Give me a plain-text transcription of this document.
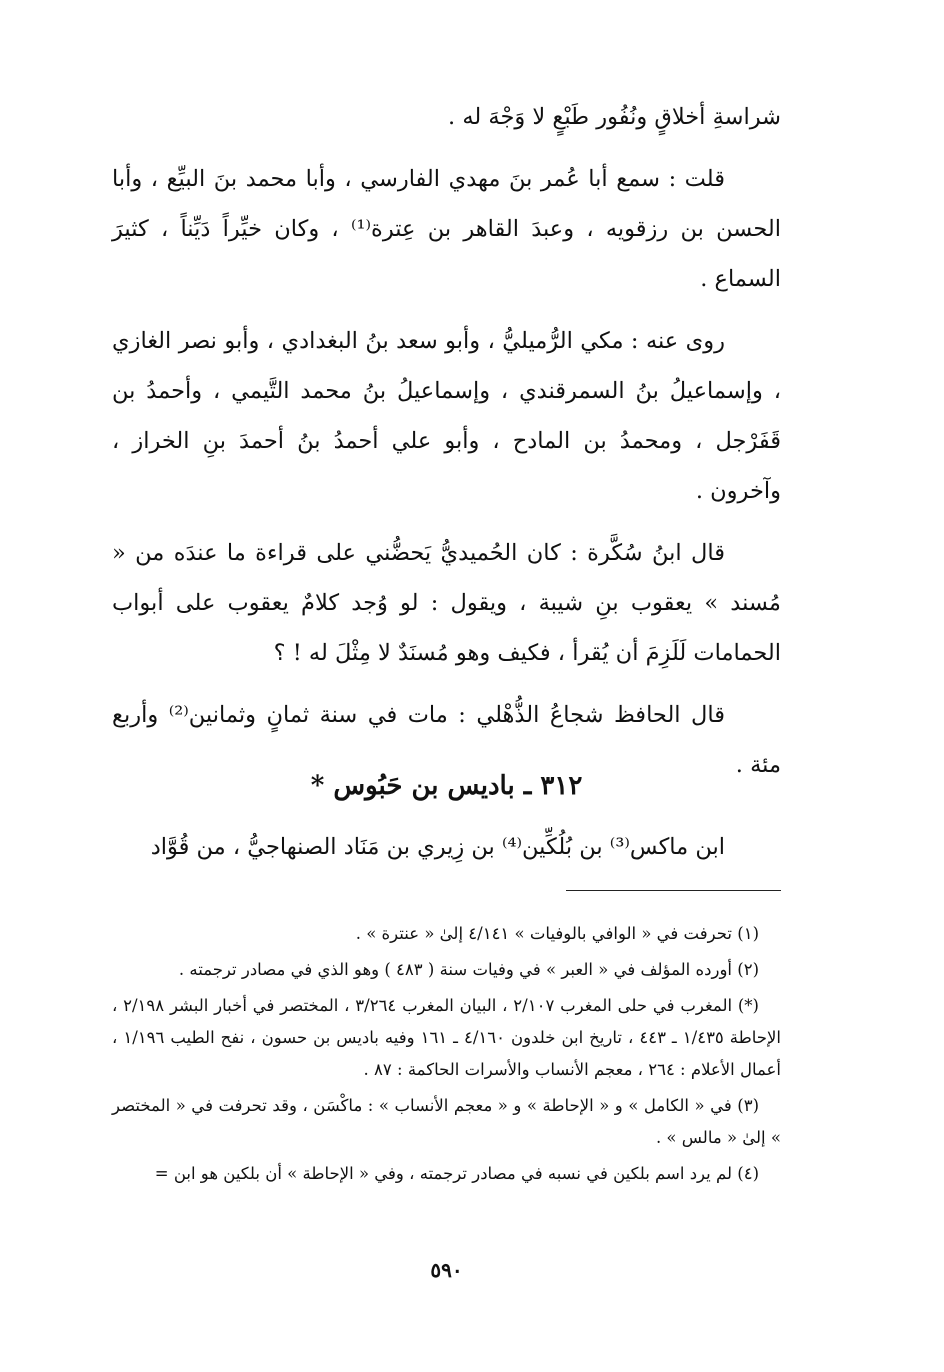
شراسةِ أخلاقٍ ونُفُور طَبْعٍ لا وَجْهَ له .

قلت : سمع أبا عُمر بنَ مهدي الفارسي ، وأبا محمد بنَ البيِّع ، وأبا الحسن بن رزقويه ، وعبدَ القاهر بن عِترة⁽¹⁾ ، وكان خيِّراً دَيِّناً ، كثيرَ السماع .

روى عنه : مكي الرُّميليُّ ، وأبو سعد بنُ البغدادي ، وأبو نصر الغازي ، وإسماعيلُ بنُ السمرقندي ، وإسماعيلُ بنُ محمد التَّيمي ، وأحمدُ بن قَفَرْجل ، ومحمدُ بن المادح ، وأبو علي أحمدُ بنُ أحمدَ بنِ الخراز ، وآخرون .

قال ابنُ سُكَّرة : كان الحُميديُّ يَحضُّني على قراءة ما عندَه من « مُسند » يعقوب بنِ شيبة ، ويقول : لو وُجد كلامٌ يعقوب على أبواب الحمامات لَلَزِمَ أن يُقرأ ، فكيف وهو مُسنَدٌ لا مِثْلَ له ! ؟

قال الحافظ شجاعُ الذُّهْلي : مات في سنة ثمانٍ وثمانين⁽²⁾ وأربع مئة .

٣١٢ ـ باديس بن حَبُوس *
ابن ماكس⁽³⁾ بن بُلُكِّين⁽⁴⁾ بن زِيري بن مَنَاد الصنهاجيُّ ، من قُوَّاد

(١) تحرفت في « الوافي بالوفيات » ٤/١٤١ إلىٰ « عنترة » .

(٢) أورده المؤلف في « العبر » في وفيات سنة ( ٤٨٣ ) وهو الذي في مصادر ترجمته .

(*) المغرب في حلى المغرب ٢/١٠٧ ، البيان المغرب ٣/٢٦٤ ، المختصر في أخبار البشر ٢/١٩٨ ، الإحاطة ١/٤٣٥ ـ ٤٤٣ ، تاريخ ابن خلدون ٤/١٦٠ ـ ١٦١ وفيه باديس بن حسون ، نفح الطيب ١/١٩٦ ، أعمال الأعلام : ٢٦٤ ، معجم الأنساب والأسرات الحاكمة : ٨٧ .

(٣) في « الكامل » و « الإحاطة » و « معجم الأنساب » : ماكْسَن ، وقد تحرفت في « المختصر » إلىٰ « مالس » .

(٤) لم يرد اسم بلكين في نسبه في مصادر ترجمته ، وفي « الإحاطة » أن بلكين هو ابن =

٥٩٠
